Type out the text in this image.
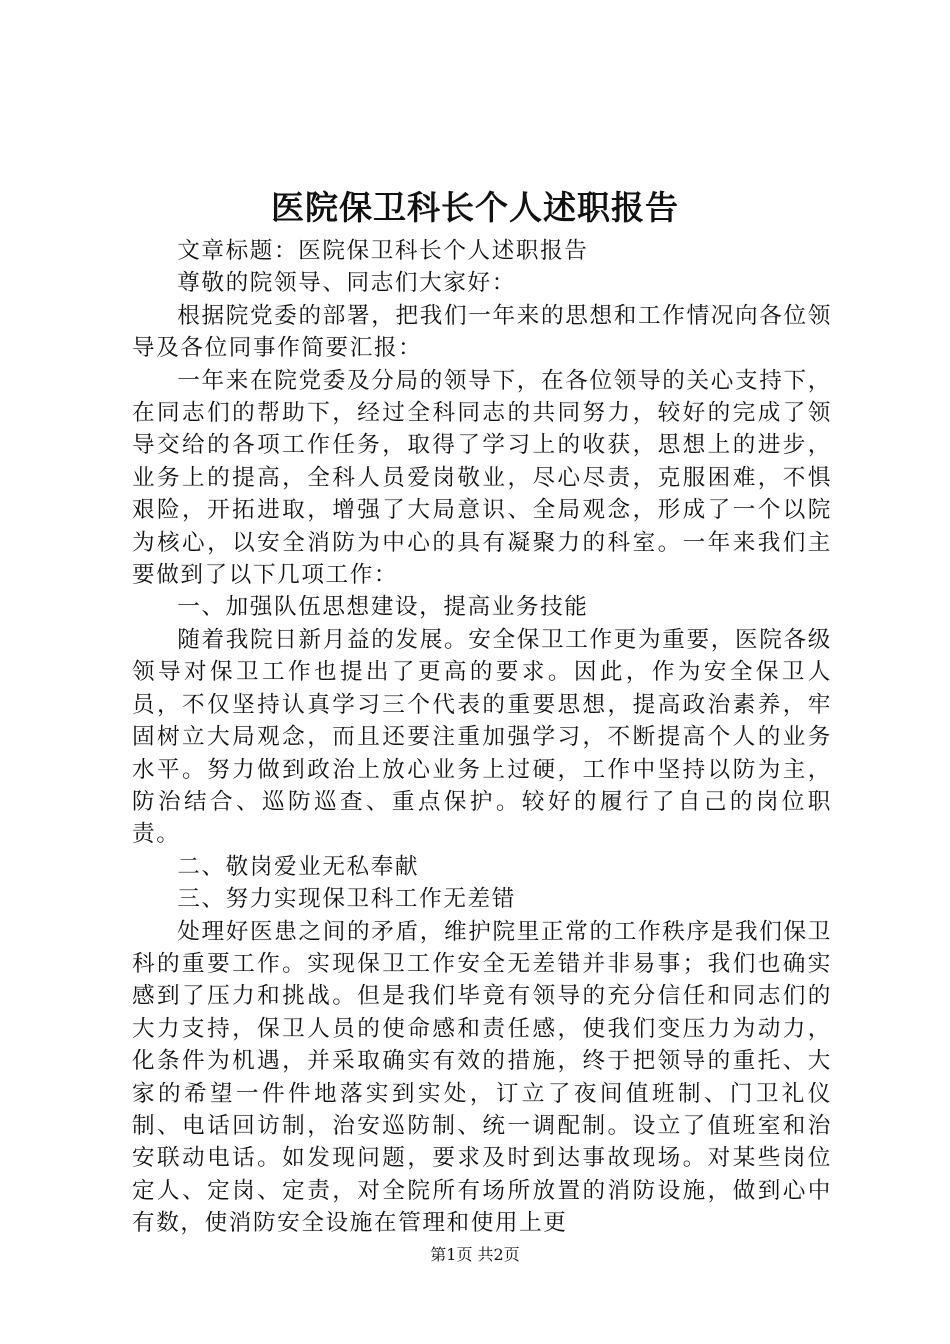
医院保卫科长个人述职报告

文章标题：医院保卫科长个人述职报告

尊敬的院领导、同志们大家好：

根据院党委的部署，把我们一年来的思想和工作情况向各位领导及各位同事作简要汇报：

一年来在院党委及分局的领导下，在各位领导的关心支持下，在同志们的帮助下，经过全科同志的共同努力，较好的完成了领导交给的各项工作任务，取得了学习上的收获，思想上的进步，业务上的提高，全科人员爱岗敬业，尽心尽责，克服困难，不惧艰险，开拓进取，增强了大局意识、全局观念，形成了一个以院为核心，以安全消防为中心的具有凝聚力的科室。一年来我们主要做到了以下几项工作：

一、加强队伍思想建设，提高业务技能

随着我院日新月益的发展。安全保卫工作更为重要，医院各级领导对保卫工作也提出了更高的要求。因此，作为安全保卫人员，不仅坚持认真学习三个代表的重要思想，提高政治素养，牢固树立大局观念，而且还要注重加强学习，不断提高个人的业务水平。努力做到政治上放心业务上过硬，工作中坚持以防为主，防治结合、巡防巡查、重点保护。较好的履行了自己的岗位职责。

二、敬岗爱业无私奉献

三、努力实现保卫科工作无差错

处理好医患之间的矛盾，维护院里正常的工作秩序是我们保卫科的重要工作。实现保卫工作安全无差错并非易事；我们也确实感到了压力和挑战。但是我们毕竟有领导的充分信任和同志们的大力支持，保卫人员的使命感和责任感，使我们变压力为动力，化条件为机遇，并采取确实有效的措施，终于把领导的重托、大家的希望一件件地落实到实处，订立了夜间值班制、门卫礼仪制、电话回访制，治安巡防制、统一调配制。设立了值班室和治安联动电话。如发现问题，要求及时到达事故现场。对某些岗位定人、定岗、定责，对全院所有场所放置的消防设施，做到心中有数，使消防安全设施在管理和使用上更

第1页 共2页
